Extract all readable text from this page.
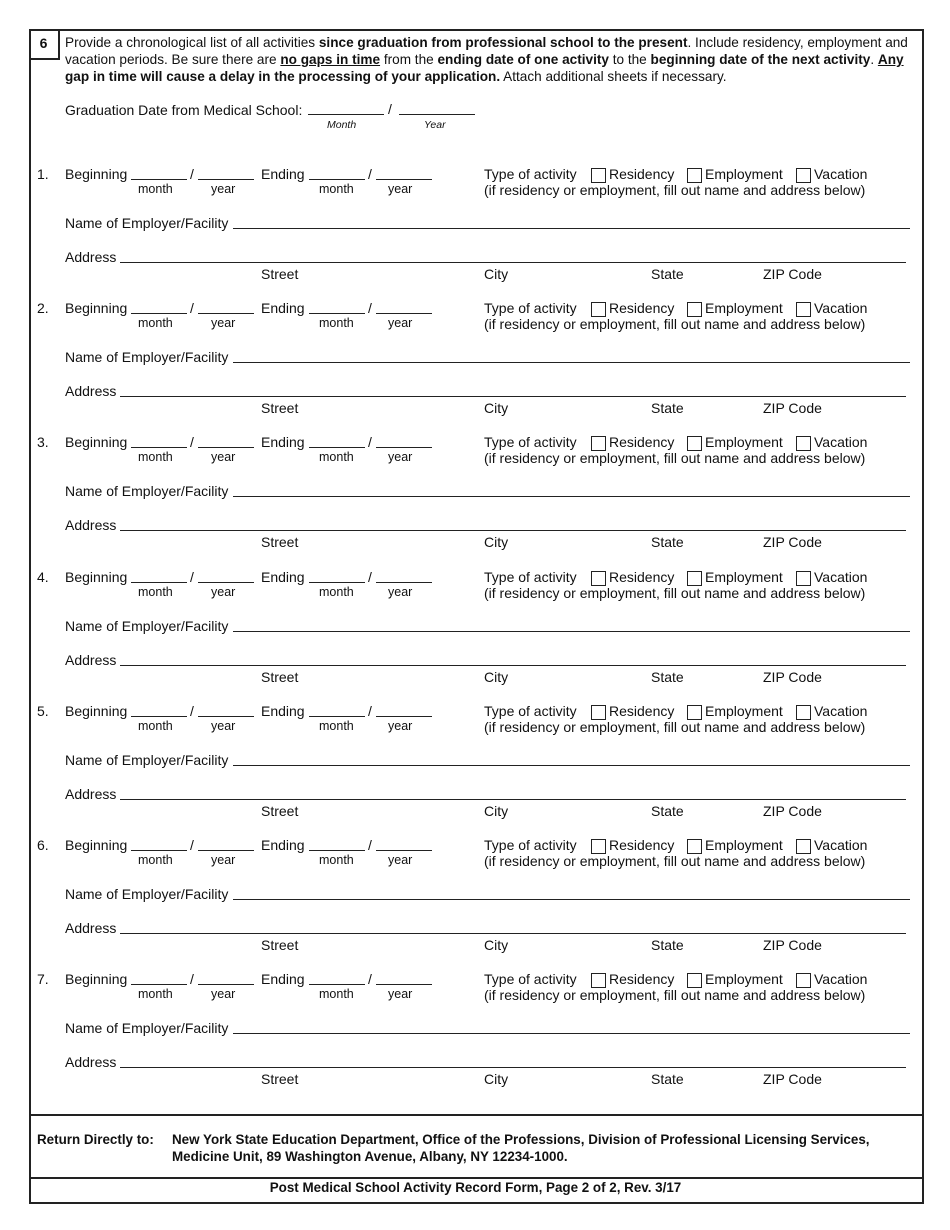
6	Provide a chronological list of all activities since graduation from professional school to the present. Include residency, employment and vacation periods. Be sure there are no gaps in time from the ending date of one activity to the beginning date of the next activity. Any gap in time will cause a delay in the processing of your application. Attach additional sheets if necessary.
Graduation Date from Medical School:	/
Month	Year
1. Beginning	/
month	year
Ending	/
month	year
Type of activity Residency Employment Vacation
(if residency or employment, fill out name and address below)
Name of Employer/Facility
Address
Street	City	State	ZIP Code
2. Beginning	/
month	year
Ending	/
month	year
Type of activity Residency Employment Vacation
(if residency or employment, fill out name and address below)
Name of Employer/Facility
Address
Street	City	State	ZIP Code
3. Beginning	/
month	year
Ending	/
month	year
Type of activity Residency Employment Vacation
(if residency or employment, fill out name and address below)
Name of Employer/Facility
Address
Street	City	State	ZIP Code
4. Beginning	/
month	year
Ending	/
month	year
Type of activity Residency Employment Vacation
(if residency or employment, fill out name and address below)
Name of Employer/Facility
Address
Street	City	State	ZIP Code
5. Beginning	/
month	year
Ending	/
month	year
Type of activity Residency Employment Vacation
(if residency or employment, fill out name and address below)
Name of Employer/Facility
Address
Street	City	State	ZIP Code
6. Beginning	/
month	year
Ending	/
month	year
Type of activity Residency Employment Vacation
(if residency or employment, fill out name and address below)
Name of Employer/Facility
Address
Street	City	State	ZIP Code
7. Beginning	/
month	year
Ending	/
month	year
Type of activity Residency Employment Vacation
(if residency or employment, fill out name and address below)
Name of Employer/Facility
Address
Street	City	State	ZIP Code
Return Directly to: New York State Education Department, Office of the Professions, Division of Professional Licensing Services, Medicine Unit, 89 Washington Avenue, Albany, NY 12234-1000.
Post Medical School Activity Record Form, Page 2 of 2, Rev. 3/17
